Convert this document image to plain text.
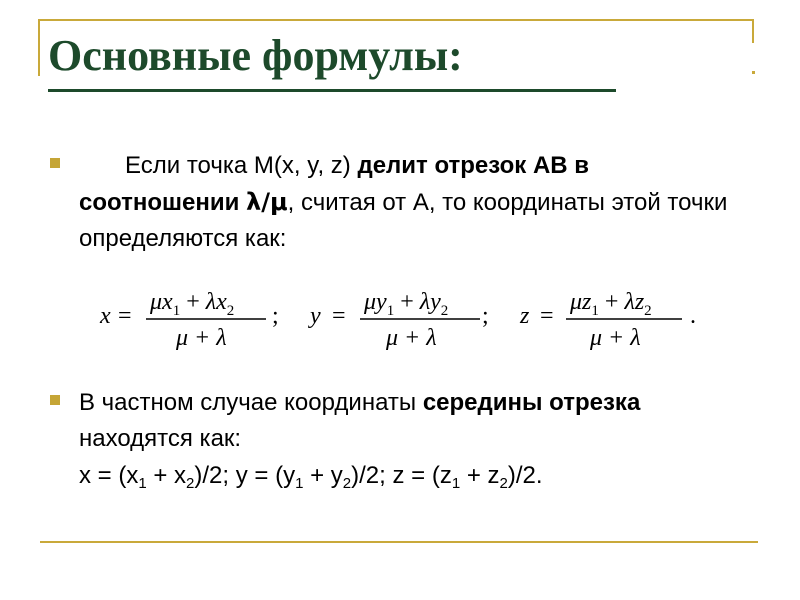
Основные формулы:

Если точка M(x, y, z) делит отрезок AB в соотношении λ/μ, считая от A, то координаты этой точки определяются как:

x =
$\mu x_1 + \lambda x_2$
μ + λ
; y =
$\mu y_1 + \lambda y_2$
μ + λ
; z =
$\mu z_1 + \lambda z_2$
μ + λ
.

В частном случае координаты середины отрезка находятся как:

$x = (x_1 + x_2)/2$; $y = (y_1 + y_2)/2$; $z = (z_1 + z_2)/2$.
